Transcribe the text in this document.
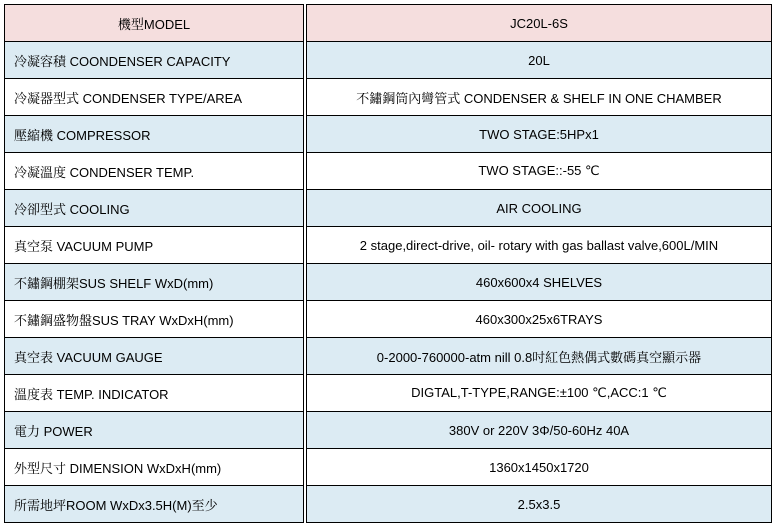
機型MODEL	JC20L-6S
冷凝容積 COONDENSER CAPACITY	20L
冷凝器型式 CONDENSER TYPE/AREA	不鏽鋼筒內彎管式 CONDENSER & SHELF IN ONE CHAMBER
壓縮機 COMPRESSOR	TWO STAGE:5HPx1
冷凝溫度 CONDENSER TEMP.	TWO STAGE::-55 ℃
冷卻型式 COOLING	AIR COOLING
真空泵 VACUUM PUMP	2 stage,direct-drive, oil- rotary with gas ballast valve,600L/MIN
不鏽鋼棚架SUS SHELF WxD(mm)	460x600x4 SHELVES
不鏽鋼盛物盤SUS TRAY WxDxH(mm)	460x300x25x6TRAYS
真空表 VACUUM GAUGE	0-2000-760000-atm nill 0.8吋紅色熱偶式數碼真空顯示器
溫度表 TEMP. INDICATOR	DIGTAL,T-TYPE,RANGE:±100 ℃,ACC:1 ℃
電力 POWER	380V or 220V 3Φ/50-60Hz 40A
外型尺寸 DIMENSION WxDxH(mm)	1360x1450x1720
所需地坪ROOM WxDx3.5H(M)至少	2.5x3.5
